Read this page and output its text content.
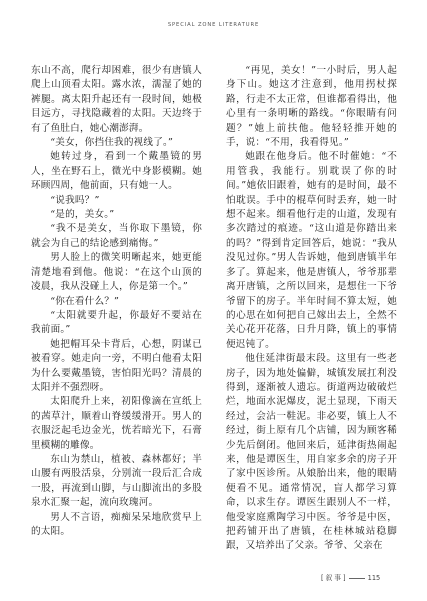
SPECIAL ZONE LITERATURE

东山不高，爬行却困难，很少有唐镇人爬上山顶看太阳。露水浓，濡湿了她的裤腿。离太阳升起还有一段时间，她极目远方，寻找隐藏着的太阳。天边终于有了鱼肚白，她心潮澎湃。

“美女，你挡住我的视线了。”

她转过身，看到一个戴墨镜的男人，坐在野石上，微光中身影模糊。她环顾四周，他前面，只有她一人。

“说我吗？”

“是的，美女。”

“我不是美女，当你取下墨镜，你就会为自己的结论感到痛悔。”

男人脸上的微笑明晰起来，她更能清楚地看到他。他说：“在这个山顶的凌晨，我从没碰上人，你是第一个。”

“你在看什么？”

“太阳就要升起，你最好不要站在我前面。”

她把帽耳朵卡背后，心想，阴谋已被看穿。她走向一旁，不明白他看太阳为什么要戴墨镜，害怕阳光吗？清晨的太阳并不强烈呀。

太阳爬升上来，初阳像滴在宣纸上的茜草汁，顺着山脊缓缓滑开。男人的衣服泛起毛边金光，恍若暗光下，石膏里模糊的雕像。

东山为禁山，植被、森林都好；半山腰有两股活泉，分别流一段后汇合成一股，再流到山脚，与山脚流出的多股泉水汇聚一起，流向玫瑰河。

男人不言语，痴痴呆呆地欣赏早上的太阳。

“再见，美女！”一小时后，男人起身下山。她这才注意到，他用拐杖探路，行走不太正常，但谁都看得出，他心里有一条明晰的路线。“你眼睛有问题？”她上前扶他。他轻轻推开她的手，说：“不用，我看得见。”

她跟在他身后。他不时催她：“不用管我，我能行。别耽误了你的时间。”她依旧跟着，她有的是时间，最不怕耽误。手中的棍草何时丢弃，她一时想不起来。细看他行走的山道，发现有多次踏过的痕迹。“这山道是你踏出来的吗？”得到肯定回答后，她说：“我从没见过你。”男人告诉她，他到唐镇半年多了。算起来，他是唐镇人，爷爷那辈离开唐镇，之所以回来，是想住一下爷爷留下的房子。半年时间不算太短，她的心思在如何把自己嫁出去上，全然不关心花开花落，日升月降，镇上的事情便迟钝了。

他住延津街最末段。这里有一些老房子，因为地处偏僻，城镇发展扛利没得到，逐渐被人遗忘。街道两边破破烂烂，地面水泥爆皮，泥土显现，下雨天经过，会沾一鞋泥。非必要，镇上人不经过，街上原有几个店铺，因为顾客稀少先后倒闭。他回来后，延津街热闹起来，他是谭医生，用自家多余的房子开了家中医诊所。从娘胎出来，他的眼睛便看不见。通常情况，盲人都学习算命，以求生存。谭医生跟别人不一样，他受家庭熏陶学习中医。爷爷是中医，把药铺开出了唐镇，在桂林城站稳脚跟，又培养出了父亲。爷爷、父亲在

[ 叙 事 ]	115
